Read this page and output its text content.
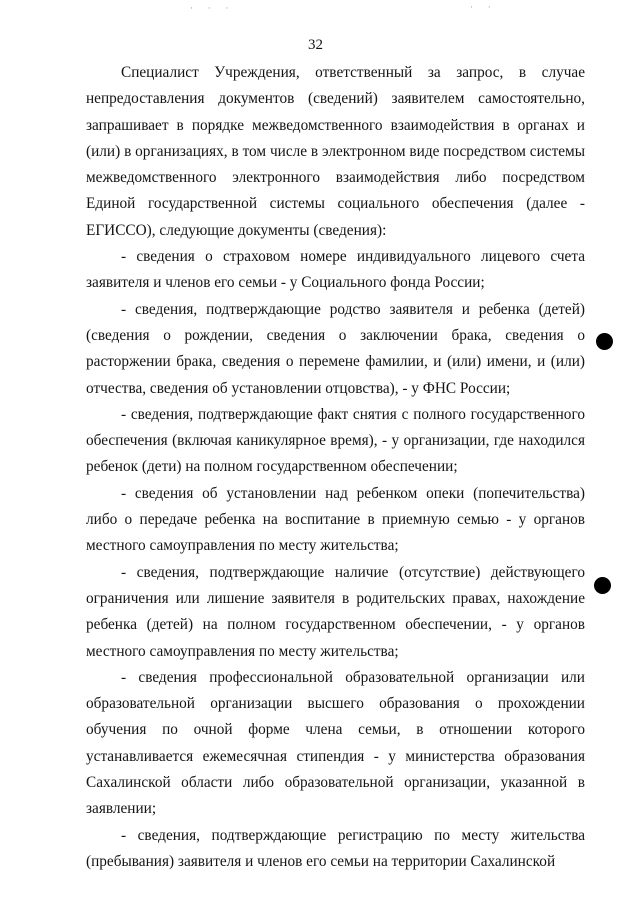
· · ·	· ·
32

Специалист Учреждения, ответственный за запрос, в случае непредоставления документов (сведений) заявителем самостоятельно, запрашивает в порядке межведомственного взаимодействия в органах и (или) в организациях, в том числе в электронном виде посредством системы межведомственного электронного взаимодействия либо посредством Единой государственной системы социального обеспечения (далее - ЕГИССО), следующие документы (сведения):

- сведения о страховом номере индивидуального лицевого счета заявителя и членов его семьи - у Социального фонда России;

- сведения, подтверждающие родство заявителя и ребенка (детей) (сведения о рождении, сведения о заключении брака, сведения о расторжении брака, сведения о перемене фамилии, и (или) имени, и (или) отчества, сведения об установлении отцовства), - у ФНС России;

- сведения, подтверждающие факт снятия с полного государственного обеспечения (включая каникулярное время), - у организации, где находился ребенок (дети) на полном государственном обеспечении;

- сведения об установлении над ребенком опеки (попечительства) либо о передаче ребенка на воспитание в приемную семью - у органов местного самоуправления по месту жительства;

- сведения, подтверждающие наличие (отсутствие) действующего ограничения или лишение заявителя в родительских правах, нахождение ребенка (детей) на полном государственном обеспечении, - у органов местного самоуправления по месту жительства;

- сведения профессиональной образовательной организации или образовательной организации высшего образования о прохождении обучения по очной форме члена семьи, в отношении которого устанавливается ежемесячная стипендия - у министерства образования Сахалинской области либо образовательной организации, указанной в заявлении;

- сведения, подтверждающие регистрацию по месту жительства (пребывания) заявителя и членов его семьи на территории Сахалинской
